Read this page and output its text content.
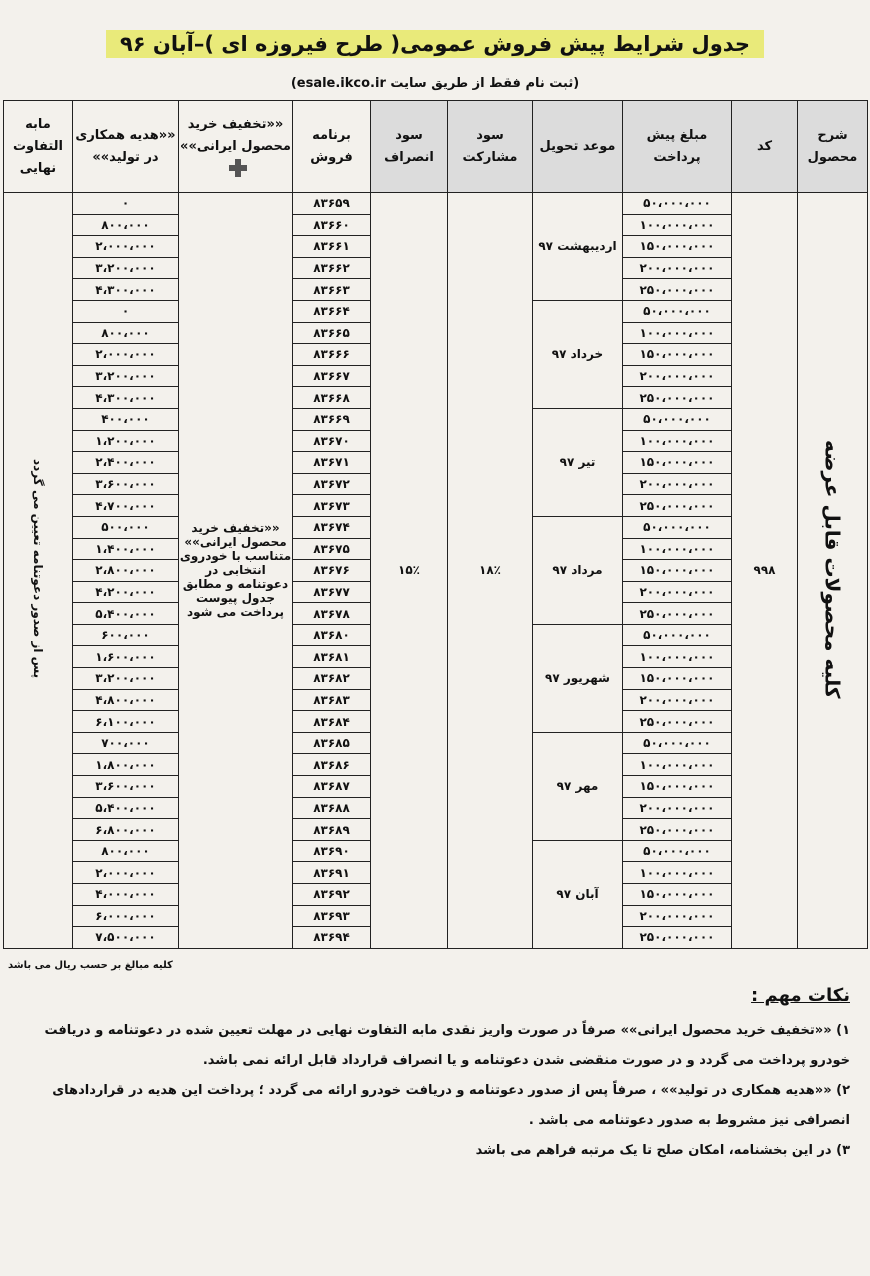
جدول شرایط پیش فروش عمومی( طرح فیروزه ای )–آبان ۹۶
(ثبت نام فقط از طریق سایت esale.ikco.ir)
شرح محصول	کد	مبلغ پیش پرداخت	موعد تحویل	سود مشارکت	سود انصراف	برنامه فروش	««تخفیف خرید محصول ایرانی»»	««هدیه همکاری در تولید»»	مابه التفاوت نهایی
کلیه محصولات قابل عرضه	۹۹۸	۵۰،۰۰۰،۰۰۰	اردیبهشت ۹۷	۱۸٪	۱۵٪	۸۳۶۵۹	««تخفیف خرید محصول ایرانی»» متناسب با خودروی انتخابی در دعوتنامه و مطابق جدول پیوست پرداخت می شود	۰	پس از صدور دعوتنامه تعیین می گردد
		۱۰۰،۰۰۰،۰۰۰				۸۳۶۶۰		۸۰۰،۰۰۰	
		۱۵۰،۰۰۰،۰۰۰				۸۳۶۶۱		۲،۰۰۰،۰۰۰	
		۲۰۰،۰۰۰،۰۰۰				۸۳۶۶۲		۳،۲۰۰،۰۰۰	
		۲۵۰،۰۰۰،۰۰۰				۸۳۶۶۳		۴،۳۰۰،۰۰۰	
		۵۰،۰۰۰،۰۰۰	خرداد ۹۷			۸۳۶۶۴		۰	
		۱۰۰،۰۰۰،۰۰۰				۸۳۶۶۵		۸۰۰،۰۰۰	
		۱۵۰،۰۰۰،۰۰۰				۸۳۶۶۶		۲،۰۰۰،۰۰۰	
		۲۰۰،۰۰۰،۰۰۰				۸۳۶۶۷		۳،۲۰۰،۰۰۰	
		۲۵۰،۰۰۰،۰۰۰				۸۳۶۶۸		۴،۳۰۰،۰۰۰	
		۵۰،۰۰۰،۰۰۰	تیر ۹۷			۸۳۶۶۹		۴۰۰،۰۰۰	
		۱۰۰،۰۰۰،۰۰۰				۸۳۶۷۰		۱،۲۰۰،۰۰۰	
		۱۵۰،۰۰۰،۰۰۰				۸۳۶۷۱		۲،۴۰۰،۰۰۰	
		۲۰۰،۰۰۰،۰۰۰				۸۳۶۷۲		۳،۶۰۰،۰۰۰	
		۲۵۰،۰۰۰،۰۰۰				۸۳۶۷۳		۴،۷۰۰،۰۰۰	
		۵۰،۰۰۰،۰۰۰	مرداد ۹۷			۸۳۶۷۴		۵۰۰،۰۰۰	
		۱۰۰،۰۰۰،۰۰۰				۸۳۶۷۵		۱،۴۰۰،۰۰۰	
		۱۵۰،۰۰۰،۰۰۰				۸۳۶۷۶		۲،۸۰۰،۰۰۰	
		۲۰۰،۰۰۰،۰۰۰				۸۳۶۷۷		۴،۲۰۰،۰۰۰	
		۲۵۰،۰۰۰،۰۰۰				۸۳۶۷۸		۵،۴۰۰،۰۰۰	
		۵۰،۰۰۰،۰۰۰	شهریور ۹۷			۸۳۶۸۰		۶۰۰،۰۰۰	
		۱۰۰،۰۰۰،۰۰۰				۸۳۶۸۱		۱،۶۰۰،۰۰۰	
		۱۵۰،۰۰۰،۰۰۰				۸۳۶۸۲		۳،۲۰۰،۰۰۰	
		۲۰۰،۰۰۰،۰۰۰				۸۳۶۸۳		۴،۸۰۰،۰۰۰	
		۲۵۰،۰۰۰،۰۰۰				۸۳۶۸۴		۶،۱۰۰،۰۰۰	
		۵۰،۰۰۰،۰۰۰	مهر ۹۷			۸۳۶۸۵		۷۰۰،۰۰۰	
		۱۰۰،۰۰۰،۰۰۰				۸۳۶۸۶		۱،۸۰۰،۰۰۰	
		۱۵۰،۰۰۰،۰۰۰				۸۳۶۸۷		۳،۶۰۰،۰۰۰	
		۲۰۰،۰۰۰،۰۰۰				۸۳۶۸۸		۵،۴۰۰،۰۰۰	
		۲۵۰،۰۰۰،۰۰۰				۸۳۶۸۹		۶،۸۰۰،۰۰۰	
		۵۰،۰۰۰،۰۰۰	آبان ۹۷			۸۳۶۹۰		۸۰۰،۰۰۰	
		۱۰۰،۰۰۰،۰۰۰				۸۳۶۹۱		۲،۰۰۰،۰۰۰	
		۱۵۰،۰۰۰،۰۰۰				۸۳۶۹۲		۴،۰۰۰،۰۰۰	
		۲۰۰،۰۰۰،۰۰۰				۸۳۶۹۳		۶،۰۰۰،۰۰۰	
		۲۵۰،۰۰۰،۰۰۰				۸۳۶۹۴		۷،۵۰۰،۰۰۰	
کلیه مبالغ بر حسب ریال می باشد
نکات مهم :
۱) ««تخفیف خرید محصول ایرانی»» صرفاً در صورت واریز نقدی مابه التفاوت نهایی در مهلت تعیین شده در دعوتنامه و دریافت خودرو پرداخت می گردد و در صورت منقضی شدن دعوتنامه و یا انصراف قرارداد قابل ارائه نمی باشد.
۲) ««هدیه همکاری در تولید»» ، صرفاً پس از صدور دعوتنامه و دریافت خودرو ارائه می گردد ؛ پرداخت این هدیه در قراردادهای انصرافی نیز مشروط به صدور دعوتنامه می باشد .
۳) در این بخشنامه، امکان صلح تا یک مرتبه فراهم می باشد
